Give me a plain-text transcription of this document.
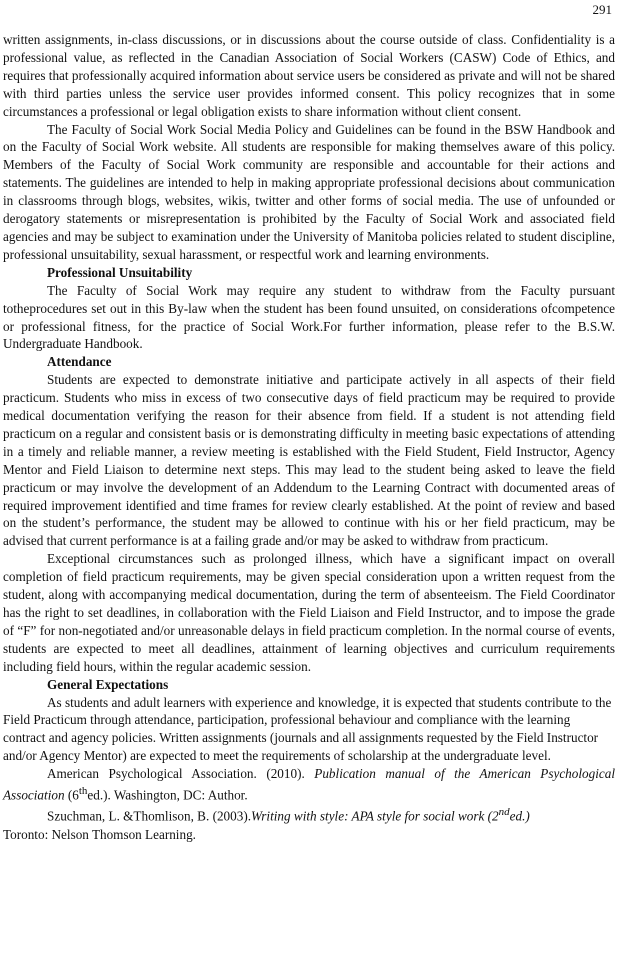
291

written assignments, in-class discussions, or in discussions about the course outside of class. Confidentiality is a professional value, as reflected in the Canadian Association of Social Workers (CASW) Code of Ethics, and requires that professionally acquired information about service users be considered as private and will not be shared with third parties unless the service user provides informed consent. This policy recognizes that in some circumstances a professional or legal obligation exists to share information without client consent.

The Faculty of Social Work Social Media Policy and Guidelines can be found in the BSW Handbook and on the Faculty of Social Work website. All students are responsible for making themselves aware of this policy. Members of the Faculty of Social Work community are responsible and accountable for their actions and statements. The guidelines are intended to help in making appropriate professional decisions about communication in classrooms through blogs, websites, wikis, twitter and other forms of social media. The use of unfounded or derogatory statements or misrepresentation is prohibited by the Faculty of Social Work and associated field agencies and may be subject to examination under the University of Manitoba policies related to student discipline, professional unsuitability, sexual harassment, or respectful work and learning environments.

Professional Unsuitability

The Faculty of Social Work may require any student to withdraw from the Faculty pursuant totheprocedures set out in this By-law when the student has been found unsuited, on considerations ofcompetence or professional fitness, for the practice of Social Work.For further information, please refer to the B.S.W. Undergraduate Handbook.

Attendance

Students are expected to demonstrate initiative and participate actively in all aspects of their field practicum. Students who miss in excess of two consecutive days of field practicum may be required to provide medical documentation verifying the reason for their absence from field. If a student is not attending field practicum on a regular and consistent basis or is demonstrating difficulty in meeting basic expectations of attending in a timely and reliable manner, a review meeting is established with the Field Student, Field Instructor, Agency Mentor and Field Liaison to determine next steps. This may lead to the student being asked to leave the field practicum or may involve the development of an Addendum to the Learning Contract with documented areas of required improvement identified and time frames for review clearly established. At the point of review and based on the student’s performance, the student may be allowed to continue with his or her field practicum, may be advised that current performance is at a failing grade and/or may be asked to withdraw from practicum.

Exceptional circumstances such as prolonged illness, which have a significant impact on overall completion of field practicum requirements, may be given special consideration upon a written request from the student, along with accompanying medical documentation, during the term of absenteeism. The Field Coordinator has the right to set deadlines, in collaboration with the Field Liaison and Field Instructor, and to impose the grade of “F” for non-negotiated and/or unreasonable delays in field practicum completion. In the normal course of events, students are expected to meet all deadlines, attainment of learning objectives and curriculum requirements including field hours, within the regular academic session.

General Expectations

As students and adult learners with experience and knowledge, it is expected that students contribute to the Field Practicum through attendance, participation, professional behaviour and compliance with the learning contract and agency policies. Written assignments (journals and all assignments requested by the Field Instructor and/or Agency Mentor) are expected to meet the requirements of scholarship at the undergraduate level.

American Psychological Association. (2010). Publication manual of the American Psychological Association (6thed.). Washington, DC: Author.

Szuchman, L. &Thomlison, B. (2003).Writing with style: APA style for social work (2nded.)

Toronto: Nelson Thomson Learning.
